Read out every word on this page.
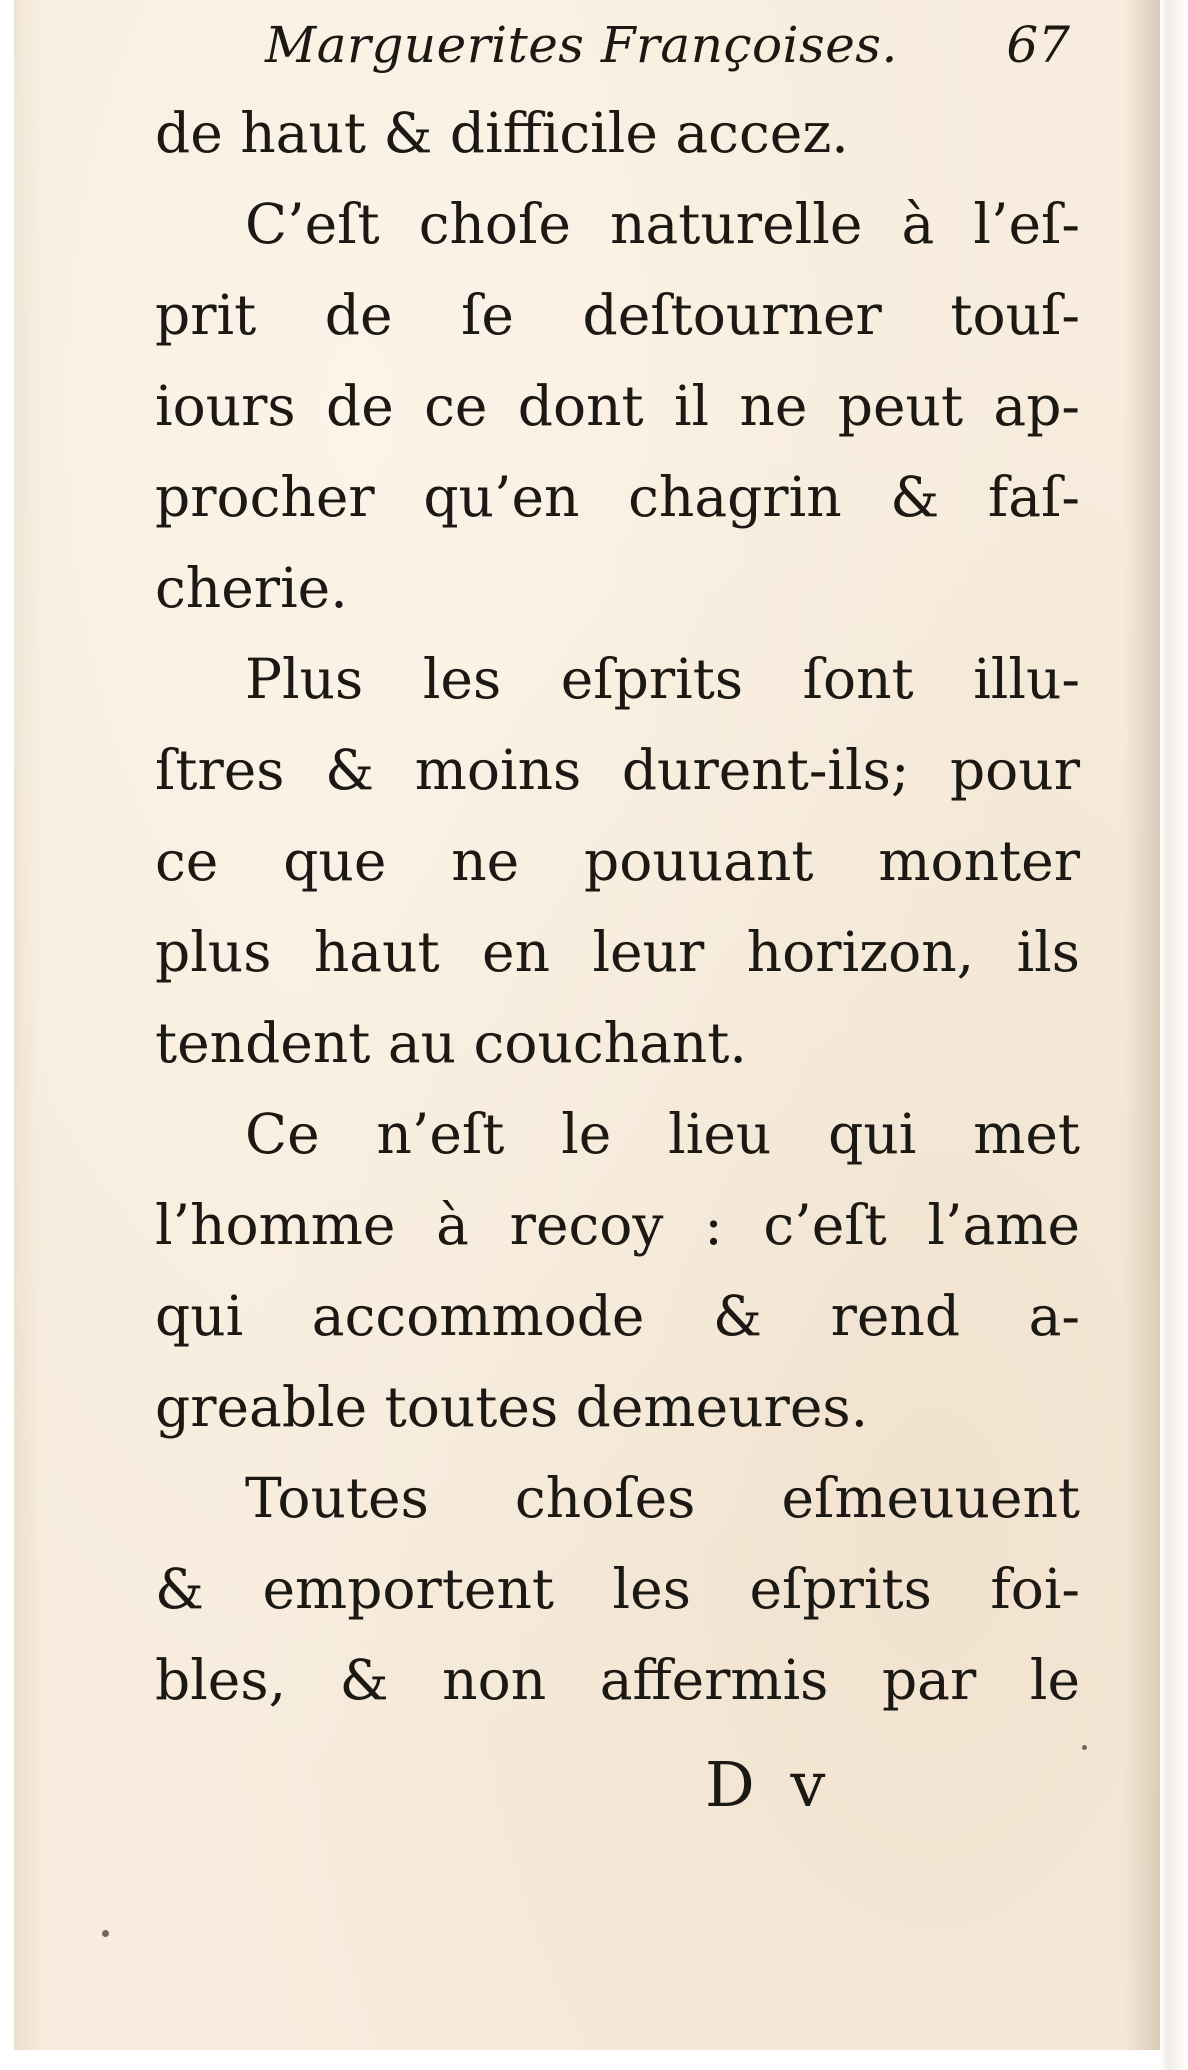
Marguerites Françoises. 67
de haut & difficile accez.
C’eſt choſe naturelle à l’eſ-
prit de ſe deſtourner touſ-
iours de ce dont il ne peut ap-
procher qu’en chagrin & faſ-
cherie.
Plus les eſprits ſont illu-
ſtres & moins durent-ils; pour
ce que ne pouuant monter
plus haut en leur horizon, ils
tendent au couchant.
Ce n’eſt le lieu qui met
l’homme à recoy : c’eſt l’ame
qui accommode & rend a-
greable toutes demeures.
Toutes choſes eſmeuuent
& emportent les eſprits foi-
bles, & non affermis par le
D v
